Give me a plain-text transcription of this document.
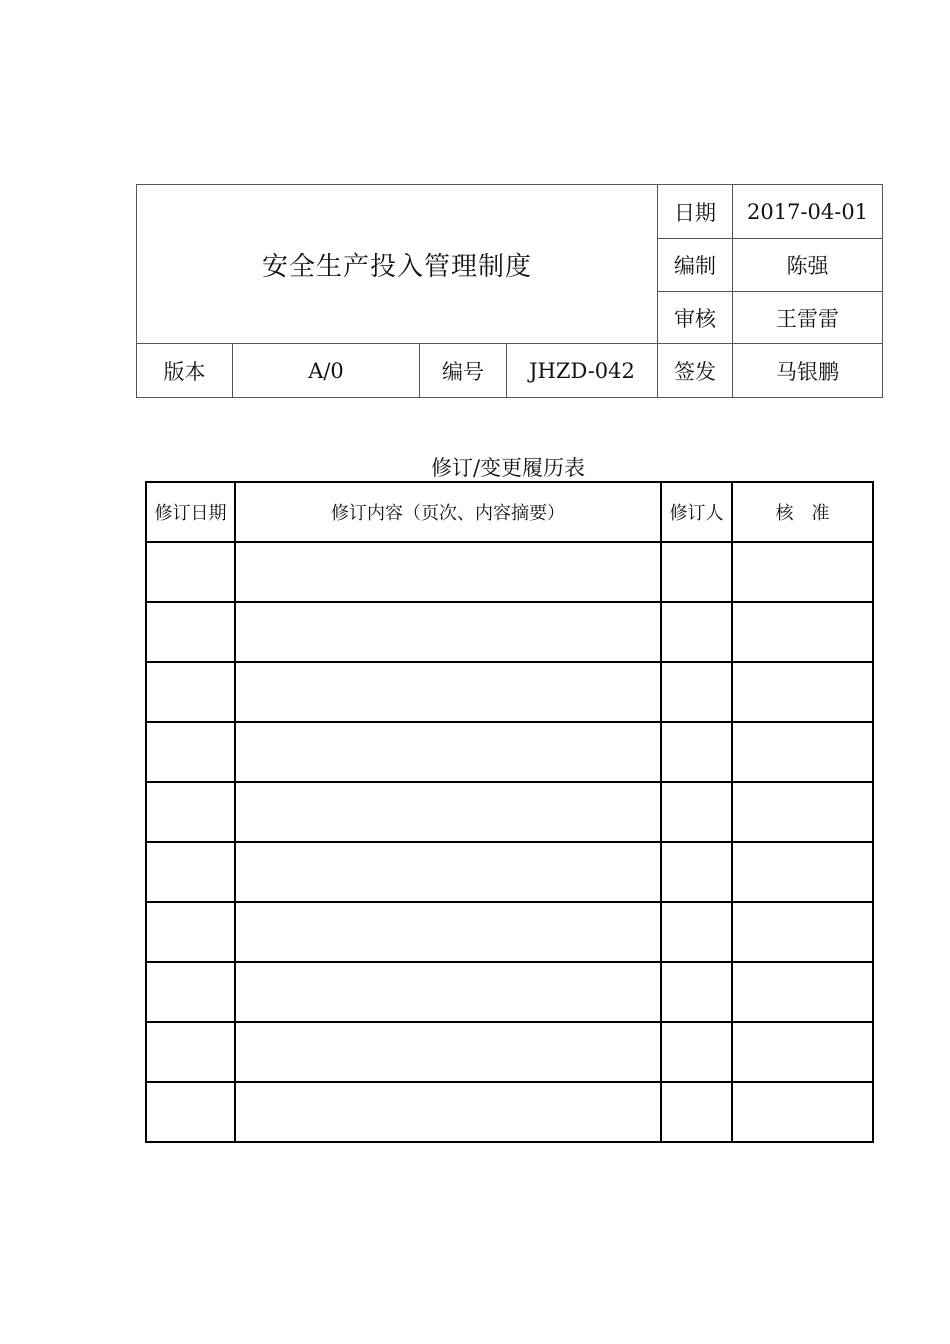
安全生产投入管理制度				日期	2017-04-01
				编制	陈强
				审核	王雷雷
版本	A/0	编号	JHZD-042	签发	马银鹏
修订/变更履历表
修订日期	修订内容（页次、内容摘要）	修订人	核　准
